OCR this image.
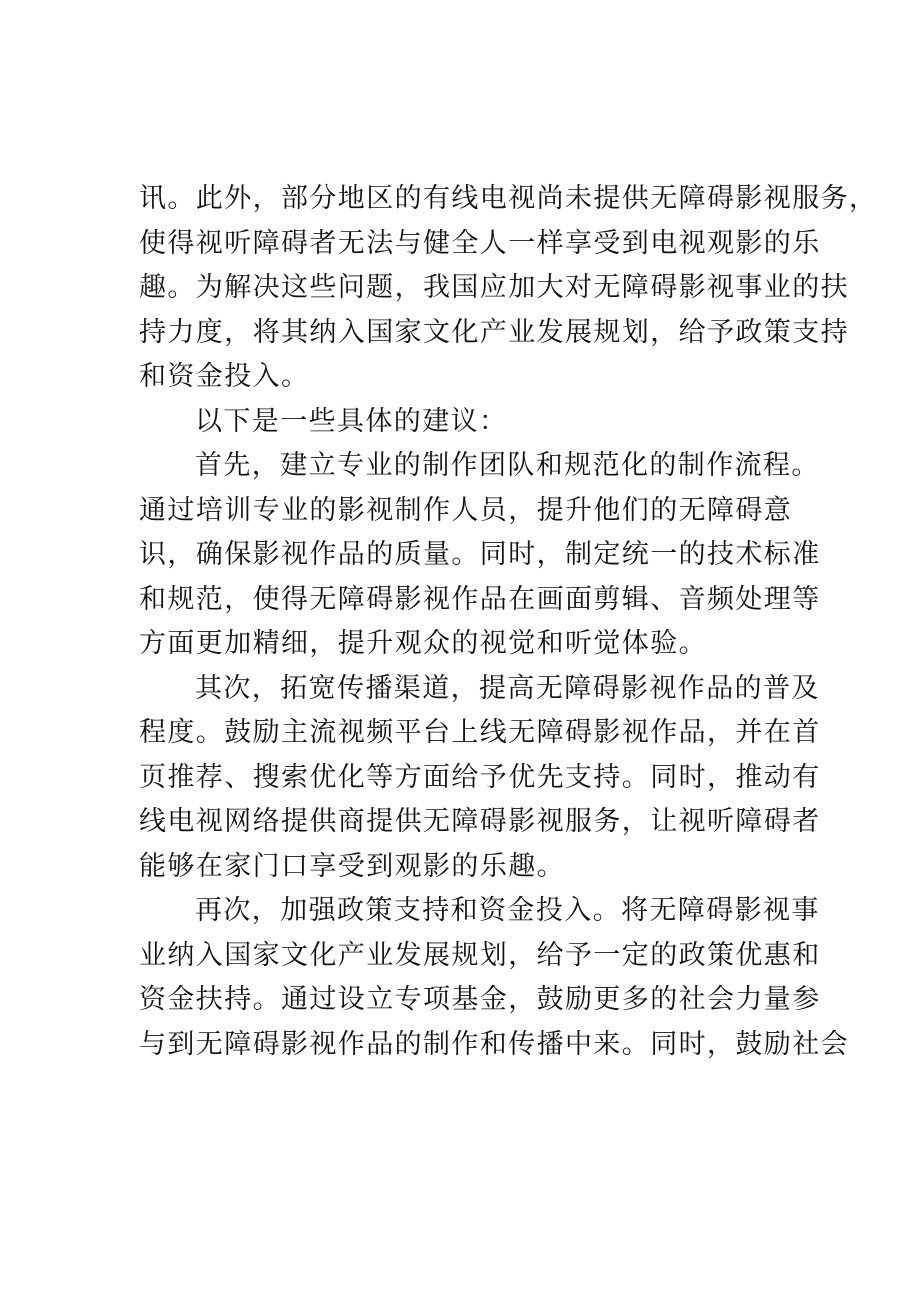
讯。此外，部分地区的有线电视尚未提供无障碍影视服务，
使得视听障碍者无法与健全人一样享受到电视观影的乐
趣。为解决这些问题，我国应加大对无障碍影视事业的扶
持力度，将其纳入国家文化产业发展规划，给予政策支持
和资金投入。
以下是一些具体的建议：
首先，建立专业的制作团队和规范化的制作流程。
通过培训专业的影视制作人员，提升他们的无障碍意
识，确保影视作品的质量。同时，制定统一的技术标准
和规范，使得无障碍影视作品在画面剪辑、音频处理等
方面更加精细，提升观众的视觉和听觉体验。
其次，拓宽传播渠道，提高无障碍影视作品的普及
程度。鼓励主流视频平台上线无障碍影视作品，并在首
页推荐、搜索优化等方面给予优先支持。同时，推动有
线电视网络提供商提供无障碍影视服务，让视听障碍者
能够在家门口享受到观影的乐趣。
再次，加强政策支持和资金投入。将无障碍影视事
业纳入国家文化产业发展规划，给予一定的政策优惠和
资金扶持。通过设立专项基金，鼓励更多的社会力量参
与到无障碍影视作品的制作和传播中来。同时，鼓励社会
